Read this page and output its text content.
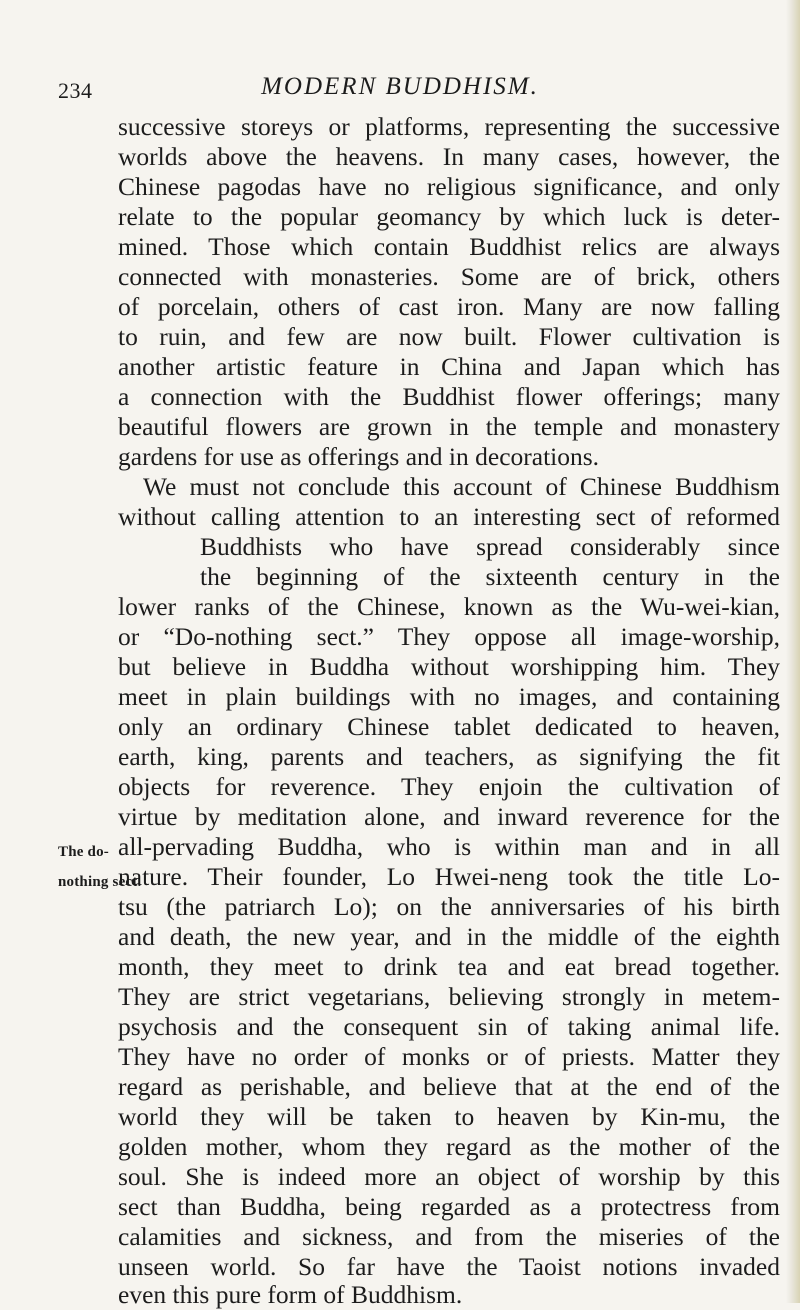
234	MODERN BUDDHISM.
The do-
nothing sect.
successive storeys or platforms, representing the successive
worlds above the heavens. In many cases, however, the
Chinese pagodas have no religious significance, and only
relate to the popular geomancy by which luck is deter-
mined. Those which contain Buddhist relics are always
connected with monasteries. Some are of brick, others
of porcelain, others of cast iron. Many are now falling
to ruin, and few are now built. Flower cultivation is
another artistic feature in China and Japan which has
a connection with the Buddhist flower offerings; many
beautiful flowers are grown in the temple and monastery
gardens for use as offerings and in decorations.
We must not conclude this account of Chinese Buddhism
without calling attention to an interesting sect of reformed
Buddhists who have spread considerably since
the beginning of the sixteenth century in the
lower ranks of the Chinese, known as the Wu-wei-kian,
or “Do-nothing sect.” They oppose all image-worship,
but believe in Buddha without worshipping him. They
meet in plain buildings with no images, and containing
only an ordinary Chinese tablet dedicated to heaven,
earth, king, parents and teachers, as signifying the fit
objects for reverence. They enjoin the cultivation of
virtue by meditation alone, and inward reverence for the
all-pervading Buddha, who is within man and in all
nature. Their founder, Lo Hwei-neng took the title Lo-
tsu (the patriarch Lo); on the anniversaries of his birth
and death, the new year, and in the middle of the eighth
month, they meet to drink tea and eat bread together.
They are strict vegetarians, believing strongly in metem-
psychosis and the consequent sin of taking animal life.
They have no order of monks or of priests. Matter they
regard as perishable, and believe that at the end of the
world they will be taken to heaven by Kin-mu, the
golden mother, whom they regard as the mother of the
soul. She is indeed more an object of worship by this
sect than Buddha, being regarded as a protectress from
calamities and sickness, and from the miseries of the
unseen world. So far have the Taoist notions invaded
even this pure form of Buddhism.
